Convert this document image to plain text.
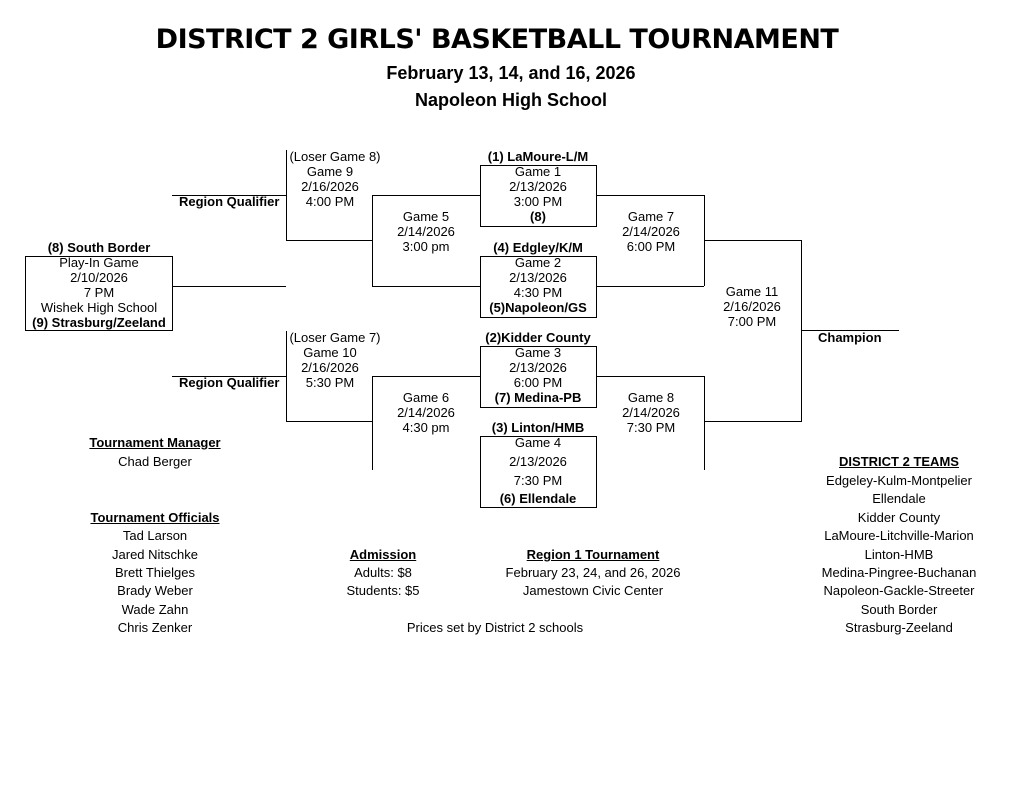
DISTRICT 2 GIRLS' BASKETBALL TOURNAMENT
February 13, 14, and 16, 2026
Napoleon High School
(8) South Border
Play-In Game
2/10/2026
7 PM
Wishek High School
(9) Strasburg/Zeeland
(Loser Game 8)
Game 9
2/16/2026
4:00 PM
Region Qualifier
(Loser Game 7)
Game 10
2/16/2026
5:30 PM
Region Qualifier
Game 5
2/14/2026
3:00 pm
Game 6
2/14/2026
4:30 pm
(1) LaMoure-L/M
Game 1
2/13/2026
3:00 PM
(8)
(4) Edgley/K/M
Game 2
2/13/2026
4:30 PM
(5)Napoleon/GS
(2)Kidder County
Game 3
2/13/2026
6:00 PM
(7) Medina-PB
(3) Linton/HMB
Game 4
2/13/2026
7:30 PM
(6) Ellendale
Game 7
2/14/2026
6:00 PM
Game 8
2/14/2026
7:30 PM
Game 11
2/16/2026
7:00 PM
Champion
Tournament Manager
Chad Berger
Tournament Officials
Tad Larson
Jared Nitschke
Brett Thielges
Brady Weber
Wade Zahn
Chris Zenker
Admission
Adults: $8
Students: $5
Region 1 Tournament
February 23, 24, and 26, 2026
Jamestown Civic Center
Prices set by District 2 schools
DISTRICT 2 TEAMS
Edgeley-Kulm-Montpelier
Ellendale
Kidder County
LaMoure-Litchville-Marion
Linton-HMB
Medina-Pingree-Buchanan
Napoleon-Gackle-Streeter
South Border
Strasburg-Zeeland
